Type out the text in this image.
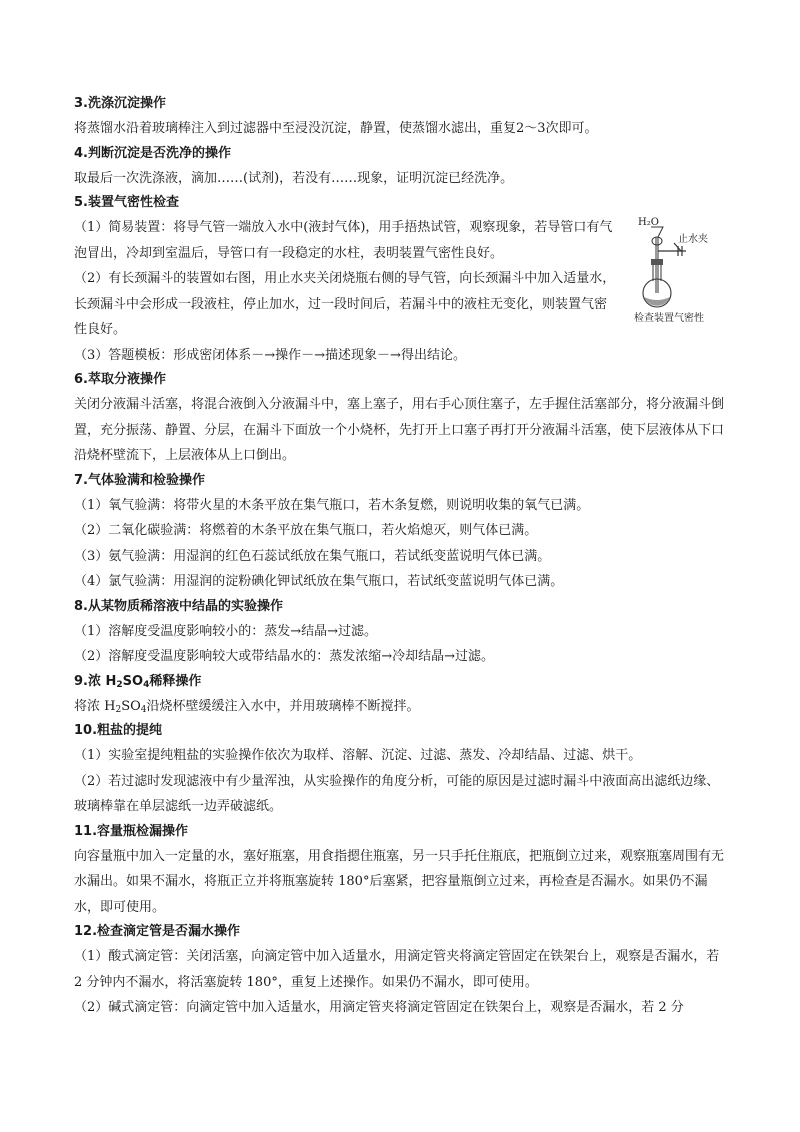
3.洗涤沉淀操作

将蒸馏水沿着玻璃棒注入到过滤器中至浸没沉淀，静置，使蒸馏水滤出，重复2～3次即可。

4.判断沉淀是否洗净的操作

取最后一次洗涤液，滴加……(试剂)，若没有……现象，证明沉淀已经洗净。

5.装置气密性检查

（1）简易装置：将导气管一端放入水中(液封气体)，用手捂热试管，观察现象，若导管口有气泡冒出，冷却到室温后，导管口有一段稳定的水柱，表明装置气密性良好。

（2）有长颈漏斗的装置如右图，用止水夹关闭烧瓶右侧的导气管，向长颈漏斗中加入适量水，长颈漏斗中会形成一段液柱，停止加水，过一段时间后，若漏斗中的液柱无变化，则装置气密性良好。

（3）答题模板：形成密闭体系－→操作－→描述现象－→得出结论。

H₂O
止水夹
检查装置气密性

6.萃取分液操作

关闭分液漏斗活塞，将混合液倒入分液漏斗中，塞上塞子，用右手心顶住塞子，左手握住活塞部分，将分液漏斗倒置，充分振荡、静置、分层，在漏斗下面放一个小烧杯，先打开上口塞子再打开分液漏斗活塞，使下层液体从下口沿烧杯壁流下，上层液体从上口倒出。

7.气体验满和检验操作

（1）氧气验满：将带火星的木条平放在集气瓶口，若木条复燃，则说明收集的氧气已满。

（2）二氧化碳验满：将燃着的木条平放在集气瓶口，若火焰熄灭，则气体已满。

（3）氨气验满：用湿润的红色石蕊试纸放在集气瓶口，若试纸变蓝说明气体已满。

（4）氯气验满：用湿润的淀粉碘化钾试纸放在集气瓶口，若试纸变蓝说明气体已满。

8.从某物质稀溶液中结晶的实验操作

（1）溶解度受温度影响较小的：蒸发→结晶→过滤。

（2）溶解度受温度影响较大或带结晶水的：蒸发浓缩→冷却结晶→过滤。

9.浓 $H_2SO_4$稀释操作

将浓 $H_2SO_4$沿烧杯壁缓缓注入水中，并用玻璃棒不断搅拌。

10.粗盐的提纯

（1）实验室提纯粗盐的实验操作依次为取样、溶解、沉淀、过滤、蒸发、冷却结晶、过滤、烘干。

（2）若过滤时发现滤液中有少量浑浊，从实验操作的角度分析，可能的原因是过滤时漏斗中液面高出滤纸边缘、玻璃棒靠在单层滤纸一边弄破滤纸。

11.容量瓶检漏操作

向容量瓶中加入一定量的水，塞好瓶塞，用食指摁住瓶塞，另一只手托住瓶底，把瓶倒立过来，观察瓶塞周围有无水漏出。如果不漏水，将瓶正立并将瓶塞旋转 180°后塞紧，把容量瓶倒立过来，再检查是否漏水。如果仍不漏水，即可使用。

12.检查滴定管是否漏水操作

（1）酸式滴定管：关闭活塞，向滴定管中加入适量水，用滴定管夹将滴定管固定在铁架台上，观察是否漏水，若 2 分钟内不漏水，将活塞旋转 180°，重复上述操作。如果仍不漏水，即可使用。

（2）碱式滴定管：向滴定管中加入适量水，用滴定管夹将滴定管固定在铁架台上，观察是否漏水，若 2 分
